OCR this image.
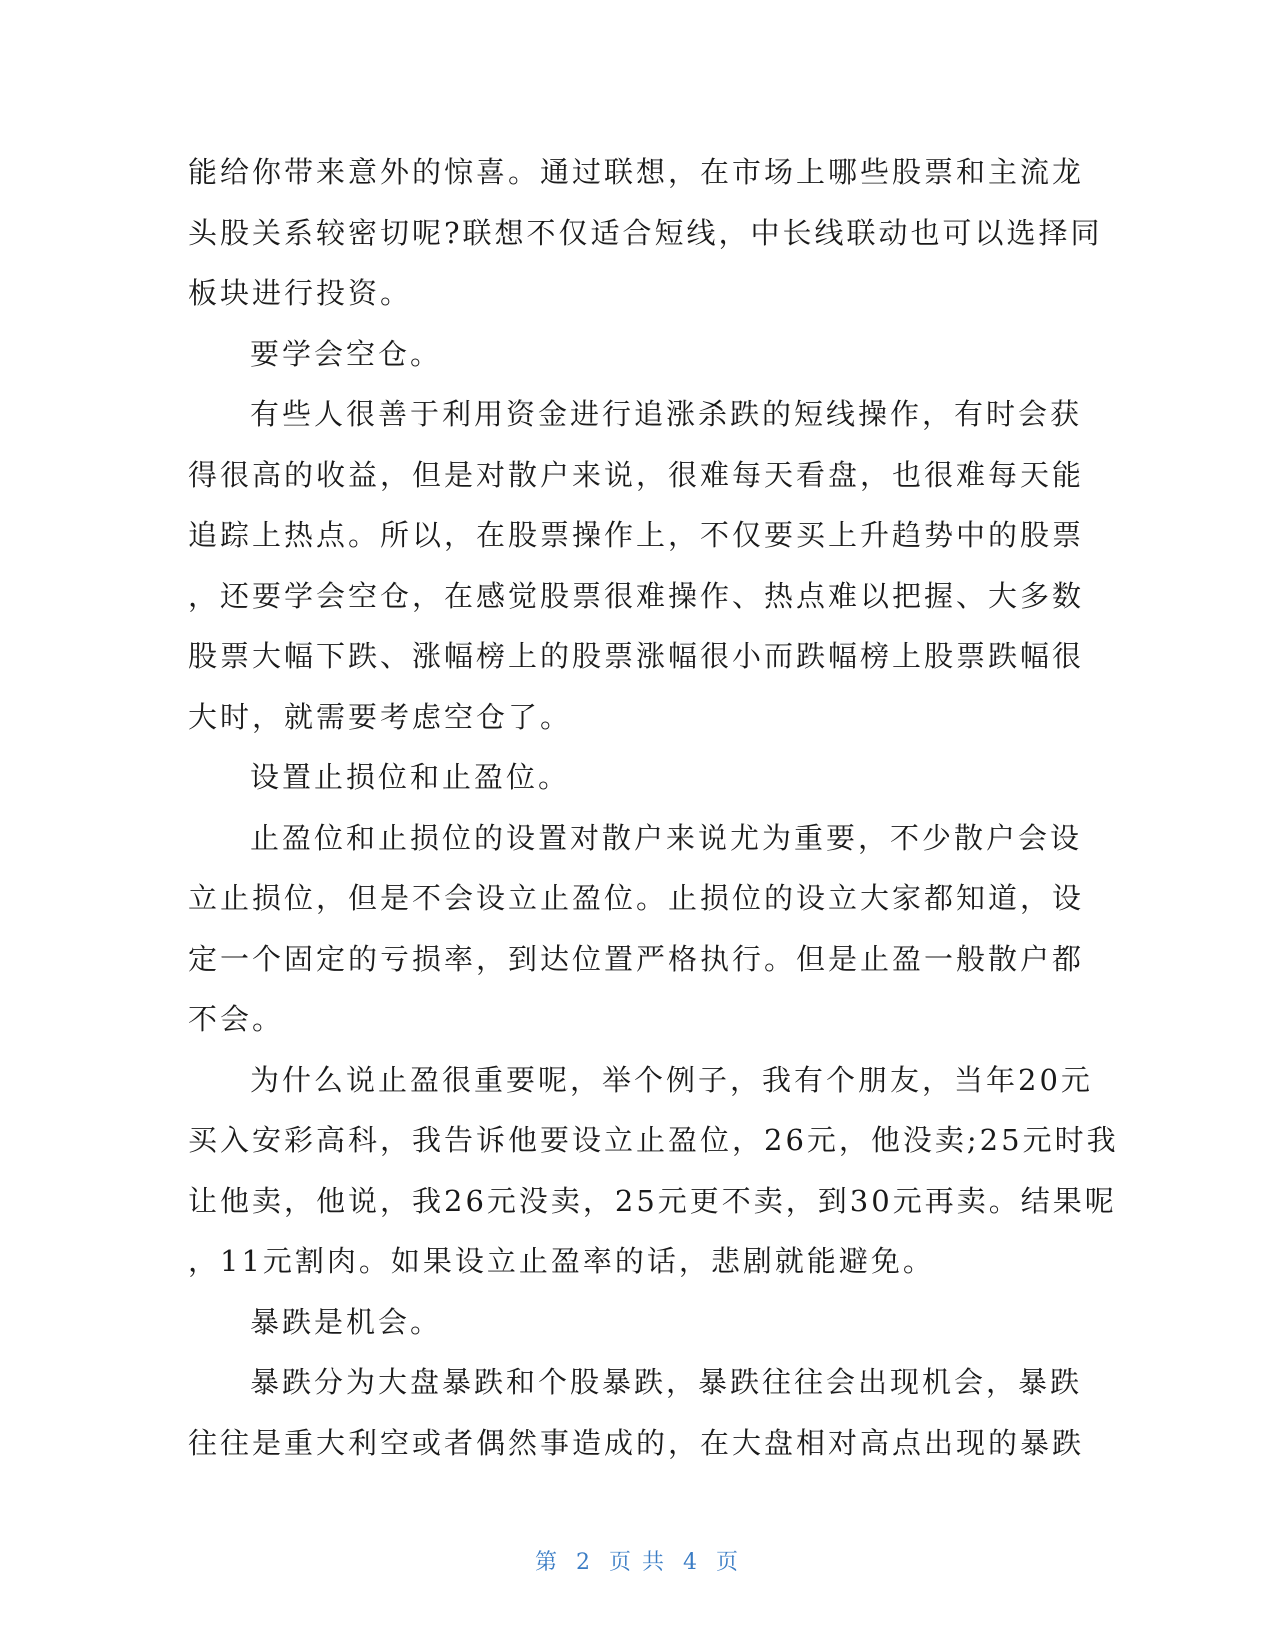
能给你带来意外的惊喜。通过联想，在市场上哪些股票和主流龙
头股关系较密切呢?联想不仅适合短线，中长线联动也可以选择同
板块进行投资。
要学会空仓。
有些人很善于利用资金进行追涨杀跌的短线操作，有时会获
得很高的收益，但是对散户来说，很难每天看盘，也很难每天能
追踪上热点。所以，在股票操作上，不仅要买上升趋势中的股票
，还要学会空仓，在感觉股票很难操作、热点难以把握、大多数
股票大幅下跌、涨幅榜上的股票涨幅很小而跌幅榜上股票跌幅很
大时，就需要考虑空仓了。
设置止损位和止盈位。
止盈位和止损位的设置对散户来说尤为重要，不少散户会设
立止损位，但是不会设立止盈位。止损位的设立大家都知道，设
定一个固定的亏损率，到达位置严格执行。但是止盈一般散户都
不会。
为什么说止盈很重要呢，举个例子，我有个朋友，当年20元
买入安彩高科，我告诉他要设立止盈位，26元，他没卖;25元时我
让他卖，他说，我26元没卖，25元更不卖，到30元再卖。结果呢
，11元割肉。如果设立止盈率的话，悲剧就能避免。
暴跌是机会。
暴跌分为大盘暴跌和个股暴跌，暴跌往往会出现机会，暴跌
往往是重大利空或者偶然事造成的，在大盘相对高点出现的暴跌
第 2 页 共 4 页
